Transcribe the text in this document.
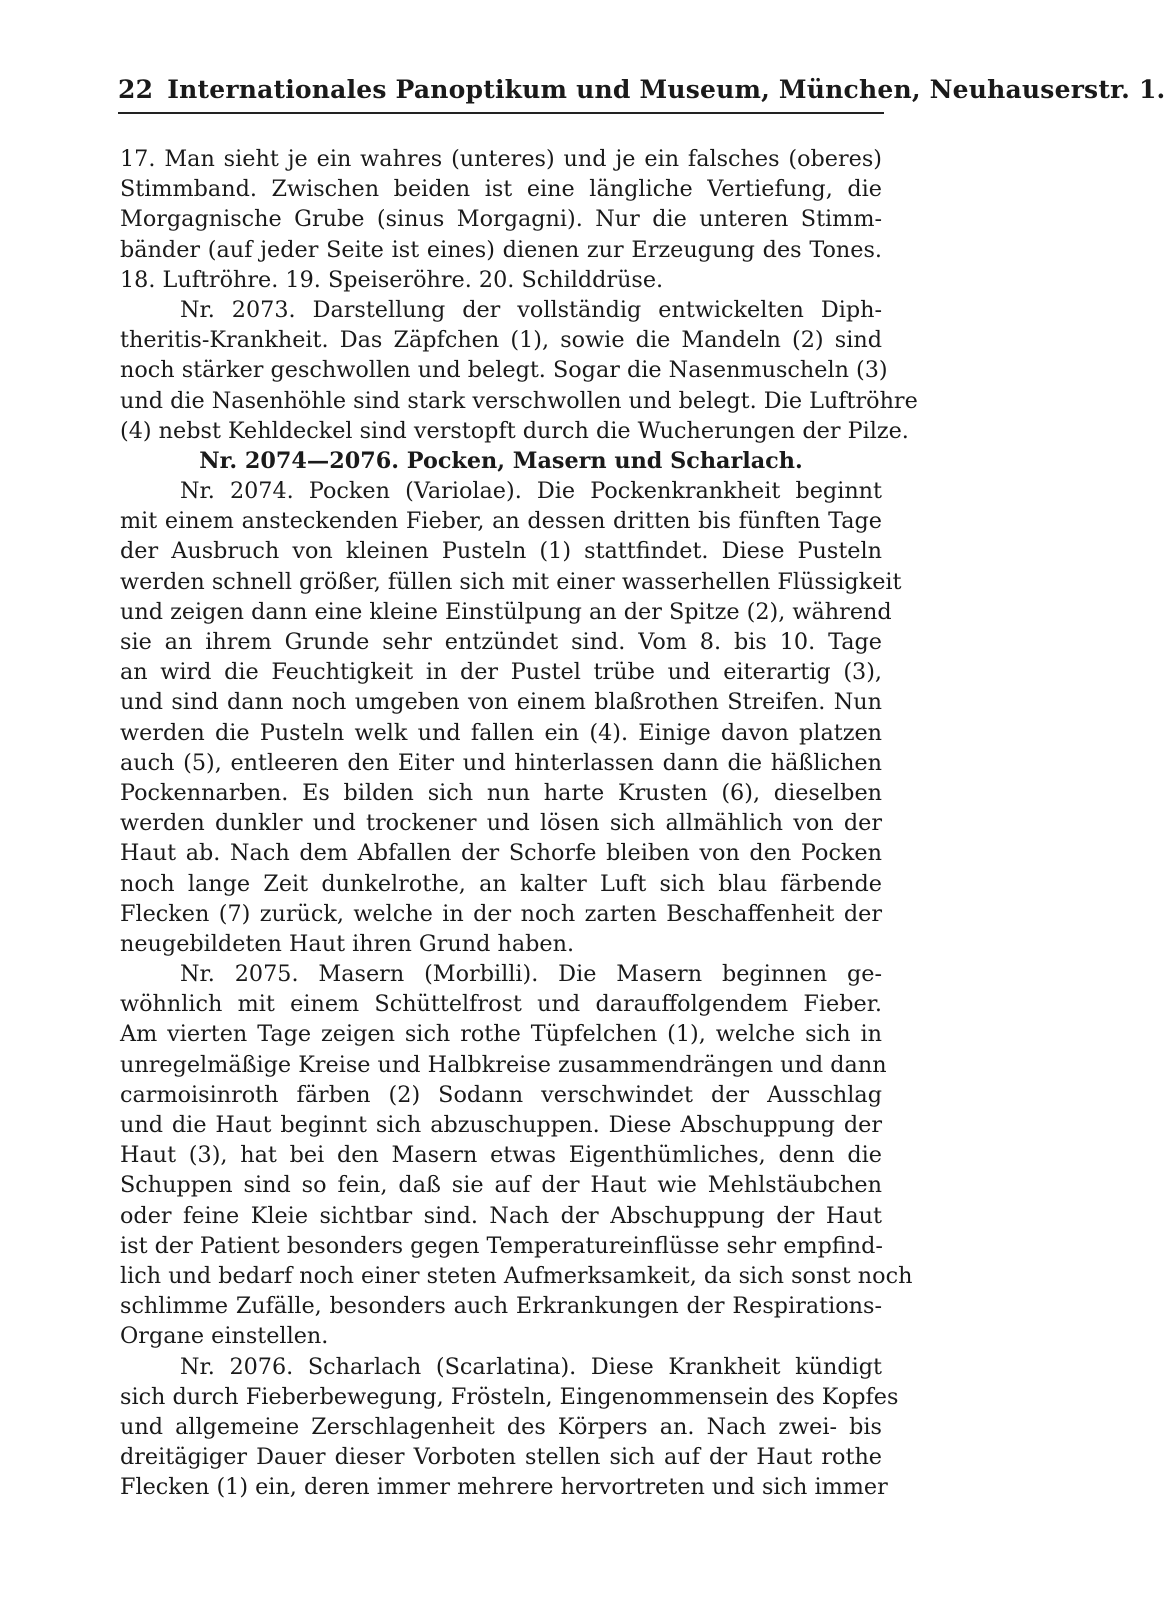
22 Internationales Panoptikum und Museum, München, Neuhauserstr. 1.
17. Man sieht je ein wahres (unteres) und je ein falsches (oberes)
Stimmband. Zwischen beiden ist eine längliche Vertiefung, die
Morgagnische Grube (sinus Morgagni). Nur die unteren Stimm-
bänder (auf jeder Seite ist eines) dienen zur Erzeugung des Tones.
18. Luftröhre. 19. Speiseröhre. 20. Schilddrüse.
Nr. 2073. Darstellung der vollständig entwickelten Diph-
theritis-Krankheit. Das Zäpfchen (1), sowie die Mandeln (2) sind
noch stärker geschwollen und belegt. Sogar die Nasenmuscheln (3)
und die Nasenhöhle sind stark verschwollen und belegt. Die Luftröhre
(4) nebst Kehldeckel sind verstopft durch die Wucherungen der Pilze.
Nr. 2074—2076. Pocken, Masern und Scharlach.
Nr. 2074. Pocken (Variolae). Die Pockenkrankheit beginnt
mit einem ansteckenden Fieber, an dessen dritten bis fünften Tage
der Ausbruch von kleinen Pusteln (1) stattfindet. Diese Pusteln
werden schnell größer, füllen sich mit einer wasserhellen Flüssigkeit
und zeigen dann eine kleine Einstülpung an der Spitze (2), während
sie an ihrem Grunde sehr entzündet sind. Vom 8. bis 10. Tage
an wird die Feuchtigkeit in der Pustel trübe und eiterartig (3),
und sind dann noch umgeben von einem blaßrothen Streifen. Nun
werden die Pusteln welk und fallen ein (4). Einige davon platzen
auch (5), entleeren den Eiter und hinterlassen dann die häßlichen
Pockennarben. Es bilden sich nun harte Krusten (6), dieselben
werden dunkler und trockener und lösen sich allmählich von der
Haut ab. Nach dem Abfallen der Schorfe bleiben von den Pocken
noch lange Zeit dunkelrothe, an kalter Luft sich blau färbende
Flecken (7) zurück, welche in der noch zarten Beschaffenheit der
neugebildeten Haut ihren Grund haben.
Nr. 2075. Masern (Morbilli). Die Masern beginnen ge-
wöhnlich mit einem Schüttelfrost und darauffolgendem Fieber.
Am vierten Tage zeigen sich rothe Tüpfelchen (1), welche sich in
unregelmäßige Kreise und Halbkreise zusammendrängen und dann
carmoisinroth färben (2) Sodann verschwindet der Ausschlag
und die Haut beginnt sich abzuschuppen. Diese Abschuppung der
Haut (3), hat bei den Masern etwas Eigenthümliches, denn die
Schuppen sind so fein, daß sie auf der Haut wie Mehlstäubchen
oder feine Kleie sichtbar sind. Nach der Abschuppung der Haut
ist der Patient besonders gegen Temperatureinflüsse sehr empfind-
lich und bedarf noch einer steten Aufmerksamkeit, da sich sonst noch
schlimme Zufälle, besonders auch Erkrankungen der Respirations-
Organe einstellen.
Nr. 2076. Scharlach (Scarlatina). Diese Krankheit kündigt
sich durch Fieberbewegung, Frösteln, Eingenommensein des Kopfes
und allgemeine Zerschlagenheit des Körpers an. Nach zwei- bis
dreitägiger Dauer dieser Vorboten stellen sich auf der Haut rothe
Flecken (1) ein, deren immer mehrere hervortreten und sich immer
